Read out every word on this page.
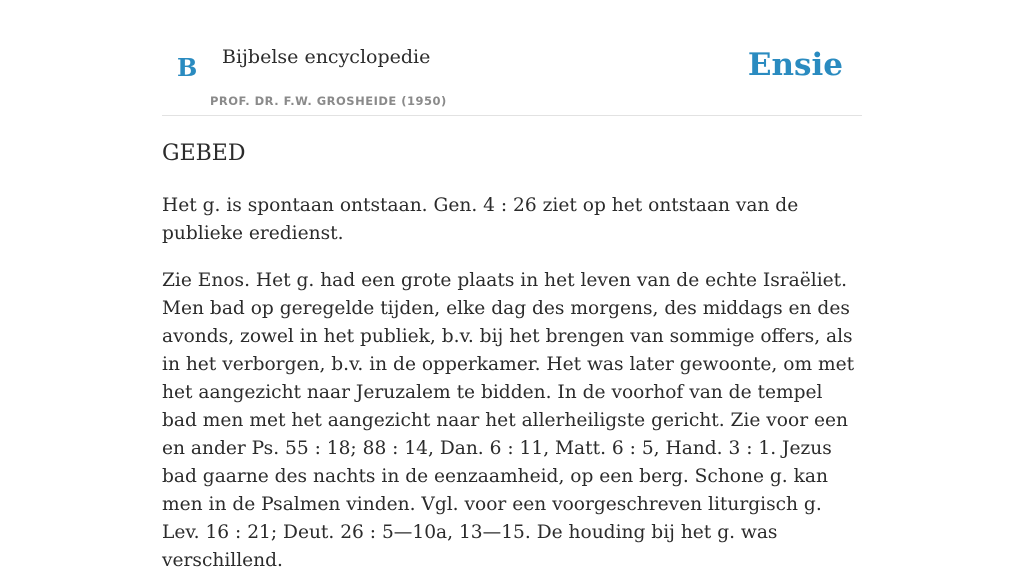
B Bijbelse encyclopedie
PROF. DR. F.W. GROSHEIDE (1950)
Ensie
GEBED

Het g. is spontaan ontstaan. Gen. 4 : 26 ziet op het ontstaan van de publieke eredienst.

Zie Enos. Het g. had een grote plaats in het leven van de echte Israëliet. Men bad op geregelde tijden, elke dag des morgens, des middags en des avonds, zowel in het publiek, b.v. bij het brengen van sommige offers, als in het verborgen, b.v. in de opperkamer. Het was later gewoonte, om met het aangezicht naar Jeruzalem te bidden. In de voorhof van de tempel bad men met het aangezicht naar het allerheiligste gericht. Zie voor een en ander Ps. 55 : 18; 88 : 14, Dan. 6 : 11, Matt. 6 : 5, Hand. 3 : 1. Jezus bad gaarne des nachts in de eenzaamheid, op een berg. Schone g. kan men in de Psalmen vinden. Vgl. voor een voorgeschreven liturgisch g. Lev. 16 : 21; Deut. 26 : 5—10a, 13—15. De houding bij het g. was verschillend.
